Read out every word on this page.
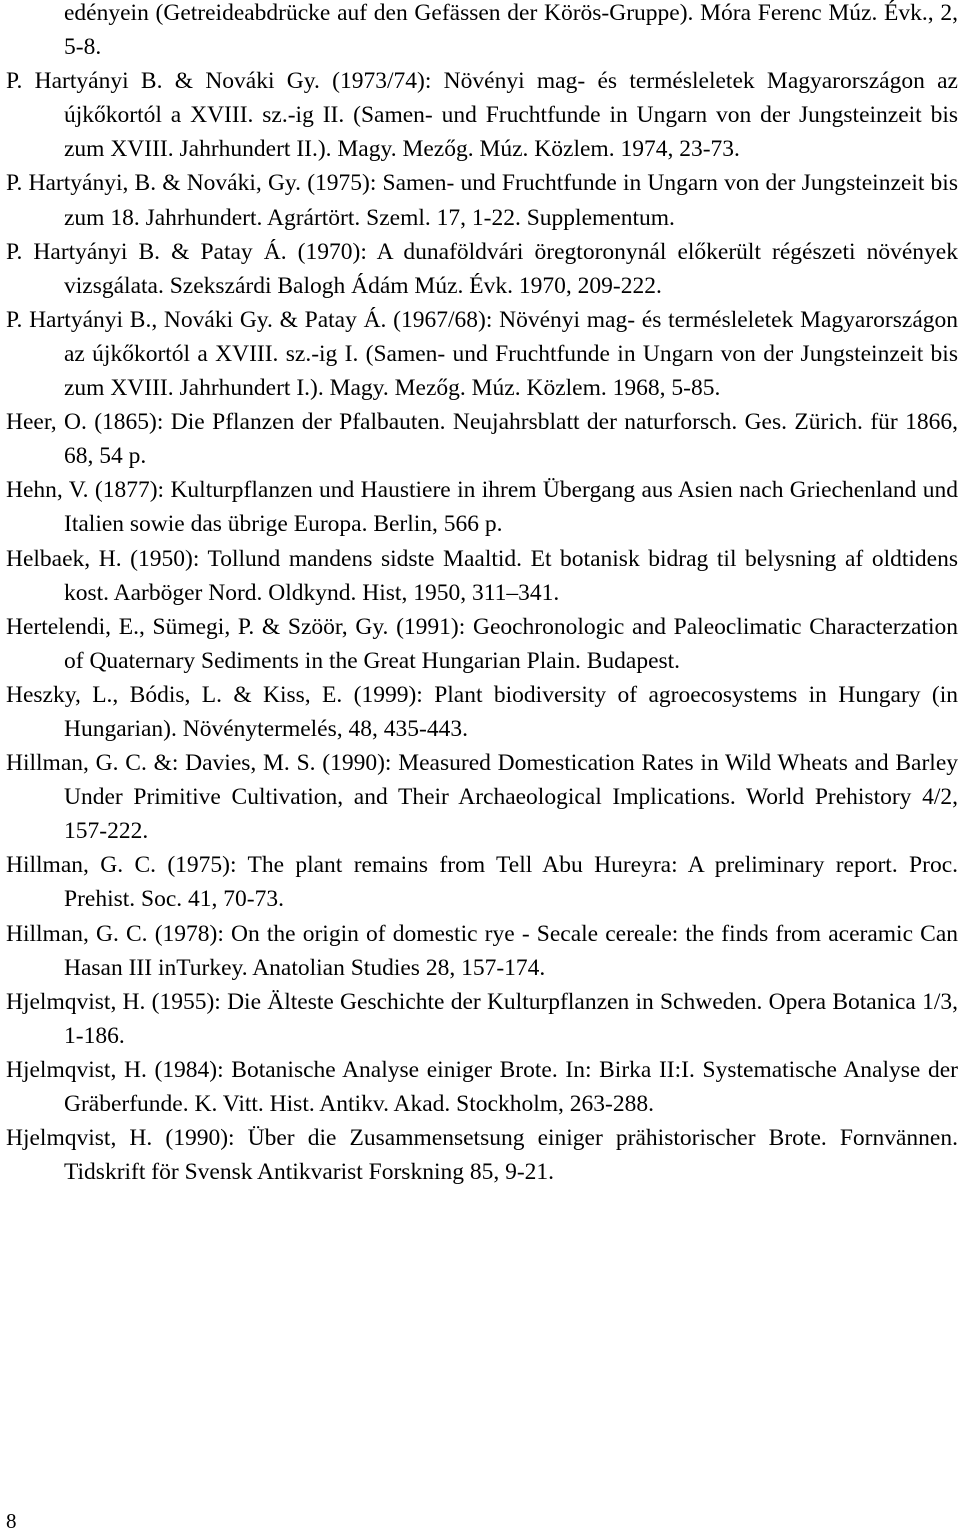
edényein (Getreideabdrücke auf den Gefässen der Körös-Gruppe). Móra Ferenc Múz. Évk., 2, 5-8.

P. Hartyányi B. & Nováki Gy. (1973/74): Növényi mag- és termésleletek Magyarországon az újkőkortól a XVIII. sz.-ig II. (Samen- und Fruchtfunde in Ungarn von der Jungsteinzeit bis zum XVIII. Jahrhundert II.). Magy. Mezőg. Múz. Közlem. 1974, 23-73.

P. Hartyányi, B. & Nováki, Gy. (1975): Samen- und Fruchtfunde in Ungarn von der Jungsteinzeit bis zum 18. Jahrhundert. Agrártört. Szeml. 17, 1-22. Supplementum.

P. Hartyányi B. & Patay Á. (1970): A dunaföldvári öregtoronynál előkerült régészeti növények vizsgálata. Szekszárdi Balogh Ádám Múz. Évk. 1970, 209-222.

P. Hartyányi B., Nováki Gy. & Patay Á. (1967/68): Növényi mag- és termésleletek Magyarországon az újkőkortól a XVIII. sz.-ig I. (Samen- und Fruchtfunde in Ungarn von der Jungsteinzeit bis zum XVIII. Jahrhundert I.). Magy. Mezőg. Múz. Közlem. 1968, 5-85.

Heer, O. (1865): Die Pflanzen der Pfalbauten. Neujahrsblatt der naturforsch. Ges. Zürich. für 1866, 68, 54 p.

Hehn, V. (1877): Kulturpflanzen und Haustiere in ihrem Übergang aus Asien nach Griechenland und Italien sowie das übrige Europa. Berlin, 566 p.

Helbaek, H. (1950): Tollund mandens sidste Maaltid. Et botanisk bidrag til belysning af oldtidens kost. Aarböger Nord. Oldkynd. Hist, 1950, 311–341.

Hertelendi, E., Sümegi, P. & Szöör, Gy. (1991): Geochronologic and Paleoclimatic Characterzation of Quaternary Sediments in the Great Hungarian Plain. Budapest.

Heszky, L., Bódis, L. & Kiss, E. (1999): Plant biodiversity of agroecosystems in Hungary (in Hungarian). Növénytermelés, 48, 435-443.

Hillman, G. C. &: Davies, M. S. (1990): Measured Domestication Rates in Wild Wheats and Barley Under Primitive Cultivation, and Their Archaeological Implications. World Prehistory 4/2, 157-222.

Hillman, G. C. (1975): The plant remains from Tell Abu Hureyra: A preliminary report. Proc. Prehist. Soc. 41, 70-73.

Hillman, G. C. (1978): On the origin of domestic rye - Secale cereale: the finds from aceramic Can Hasan III inTurkey. Anatolian Studies 28, 157-174.

Hjelmqvist, H. (1955): Die Älteste Geschichte der Kulturpflanzen in Schweden. Opera Botanica 1/3, 1-186.

Hjelmqvist, H. (1984): Botanische Analyse einiger Brote. In: Birka II:I. Systematische Analyse der Gräberfunde. K. Vitt. Hist. Antikv. Akad. Stockholm, 263-288.

Hjelmqvist, H. (1990): Über die Zusammensetsung einiger prähistorischer Brote. Fornvännen. Tidskrift för Svensk Antikvarist Forskning 85, 9-21.

8
